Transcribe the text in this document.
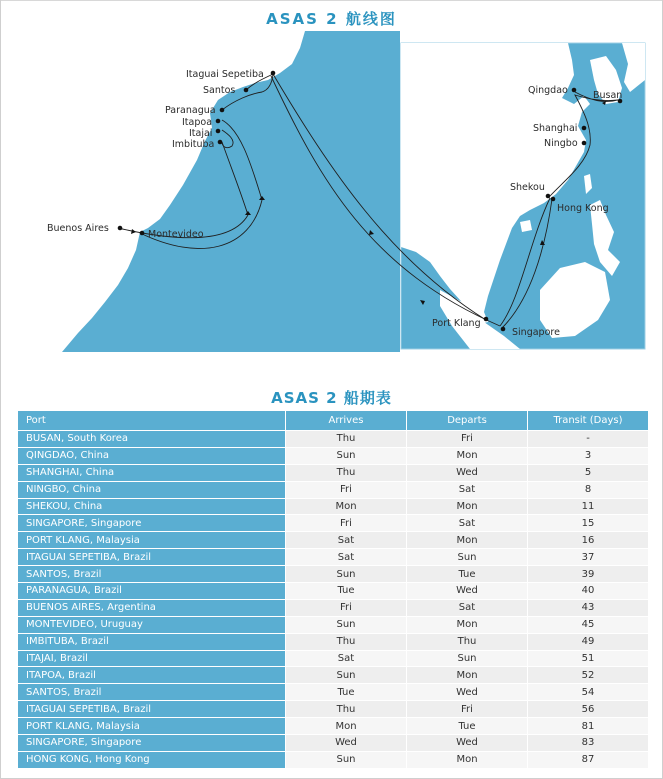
ASAS 2 航线图
Itaguai Sepetiba
Santos
Paranagua
Itapoa
Itajai
Imbituba
Buenos Aires
Montevideo
Qingdao	Busan
Shanghai
Ningbo
Shekou
Hong Kong
Port Klang
Singapore
ASAS 2 船期表
Port	Arrives	Departs	Transit (Days)
BUSAN, South Korea	Thu	Fri	-
QINGDAO, China	Sun	Mon	3
SHANGHAI, China	Thu	Wed	5
NINGBO, China	Fri	Sat	8
SHEKOU, China	Mon	Mon	11
SINGAPORE, Singapore	Fri	Sat	15
PORT KLANG, Malaysia	Sat	Mon	16
ITAGUAI SEPETIBA, Brazil	Sat	Sun	37
SANTOS, Brazil	Sun	Tue	39
PARANAGUA, Brazil	Tue	Wed	40
BUENOS AIRES, Argentina	Fri	Sat	43
MONTEVIDEO, Uruguay	Sun	Mon	45
IMBITUBA, Brazil	Thu	Thu	49
ITAJAI, Brazil	Sat	Sun	51
ITAPOA, Brazil	Sun	Mon	52
SANTOS, Brazil	Tue	Wed	54
ITAGUAI SEPETIBA, Brazil	Thu	Fri	56
PORT KLANG, Malaysia	Mon	Tue	81
SINGAPORE, Singapore	Wed	Wed	83
HONG KONG, Hong Kong	Sun	Mon	87
